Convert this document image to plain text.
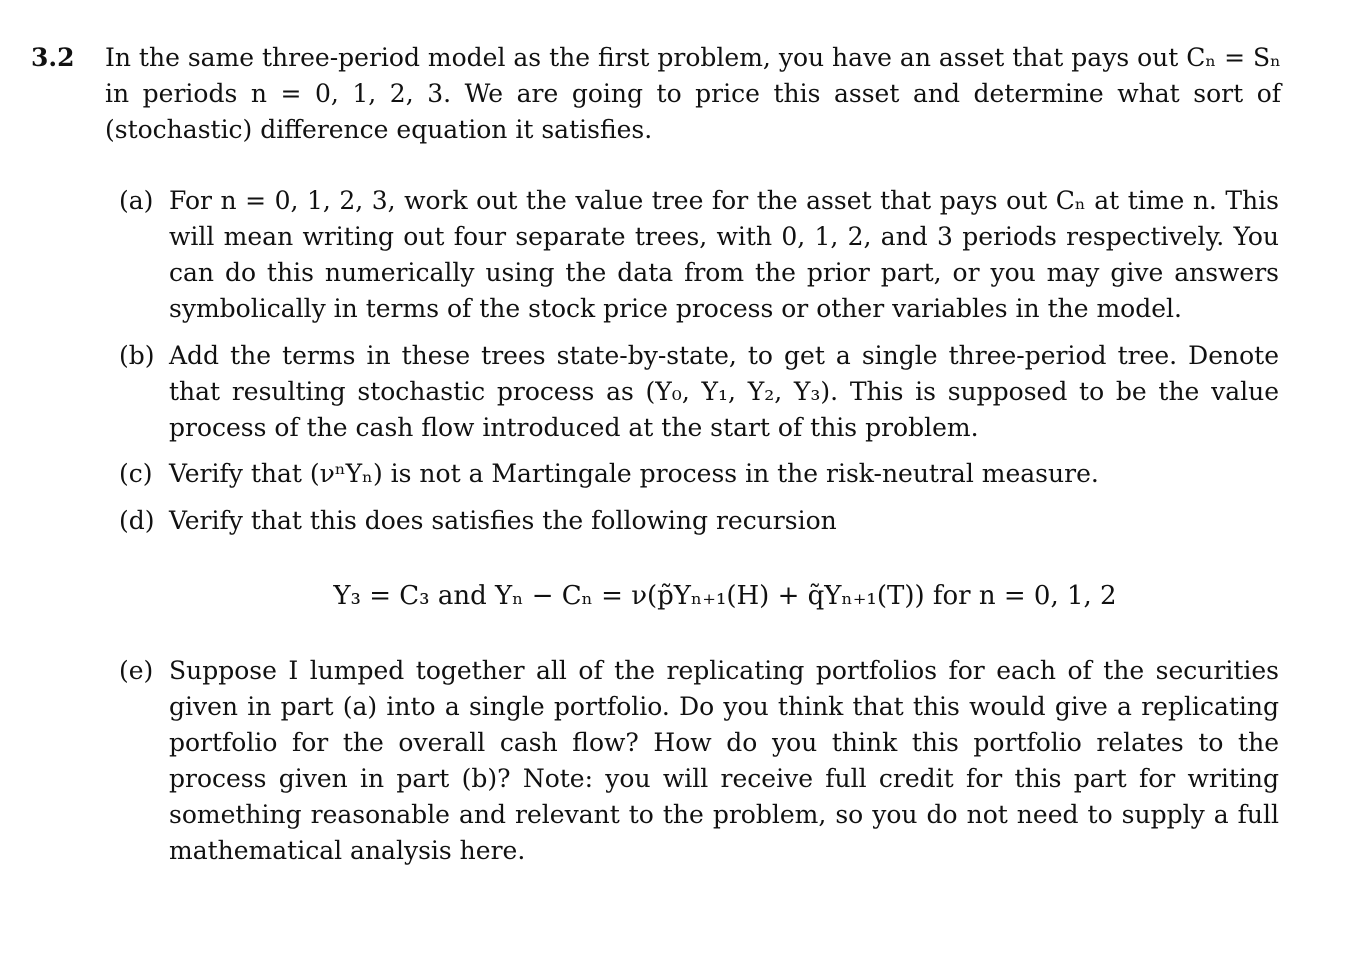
3.2 In the same three-period model as the first problem, you have an asset that pays out Cₙ = Sₙ in periods n = 0, 1, 2, 3. We are going to price this asset and determine what sort of (stochastic) difference equation it satisfies.
(a) For n = 0, 1, 2, 3, work out the value tree for the asset that pays out Cₙ at time n. This will mean writing out four separate trees, with 0, 1, 2, and 3 periods respectively. You can do this numerically using the data from the prior part, or you may give answers symbolically in terms of the stock price process or other variables in the model.
(b) Add the terms in these trees state-by-state, to get a single three-period tree. Denote that resulting stochastic process as (Y₀, Y₁, Y₂, Y₃). This is supposed to be the value process of the cash flow introduced at the start of this problem.
(c) Verify that (νⁿYₙ) is not a Martingale process in the risk-neutral measure.
(d) Verify that this does satisfies the following recursion
(e) Suppose I lumped together all of the replicating portfolios for each of the securities given in part (a) into a single portfolio. Do you think that this would give a replicating portfolio for the overall cash flow? How do you think this portfolio relates to the process given in part (b)? Note: you will receive full credit for this part for writing something reasonable and relevant to the problem, so you do not need to supply a full mathematical analysis here.
Y₃ = C₃ and Yₙ − Cₙ = ν(p̃Yₙ₊₁(H) + q̃Yₙ₊₁(T)) for n = 0, 1, 2
